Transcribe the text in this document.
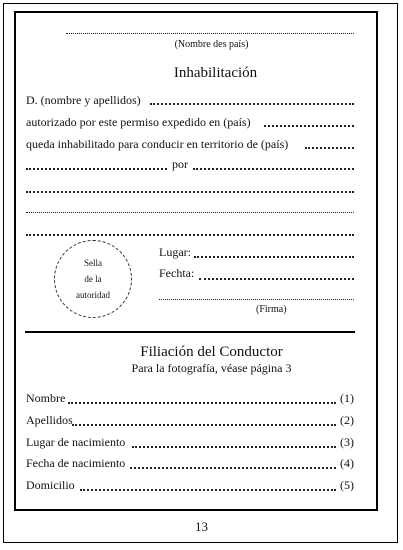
(Nombre des país)
Inhabilitación
D. (nombre y apellidos)
autorizado por este permiso expedido en (país)
queda inhabilitado para conducir en territorio de (país)
por
Sella
de la
autoridad
Lugar:
Fechta:
(Firma)
Filiación del Conductor
Para la fotografía, véase página 3
Nombre	(1)
Apellidos	(2)
Lugar de nacimiento	(3)
Fecha de nacimiento	(4)
Domicilio	(5)
13
